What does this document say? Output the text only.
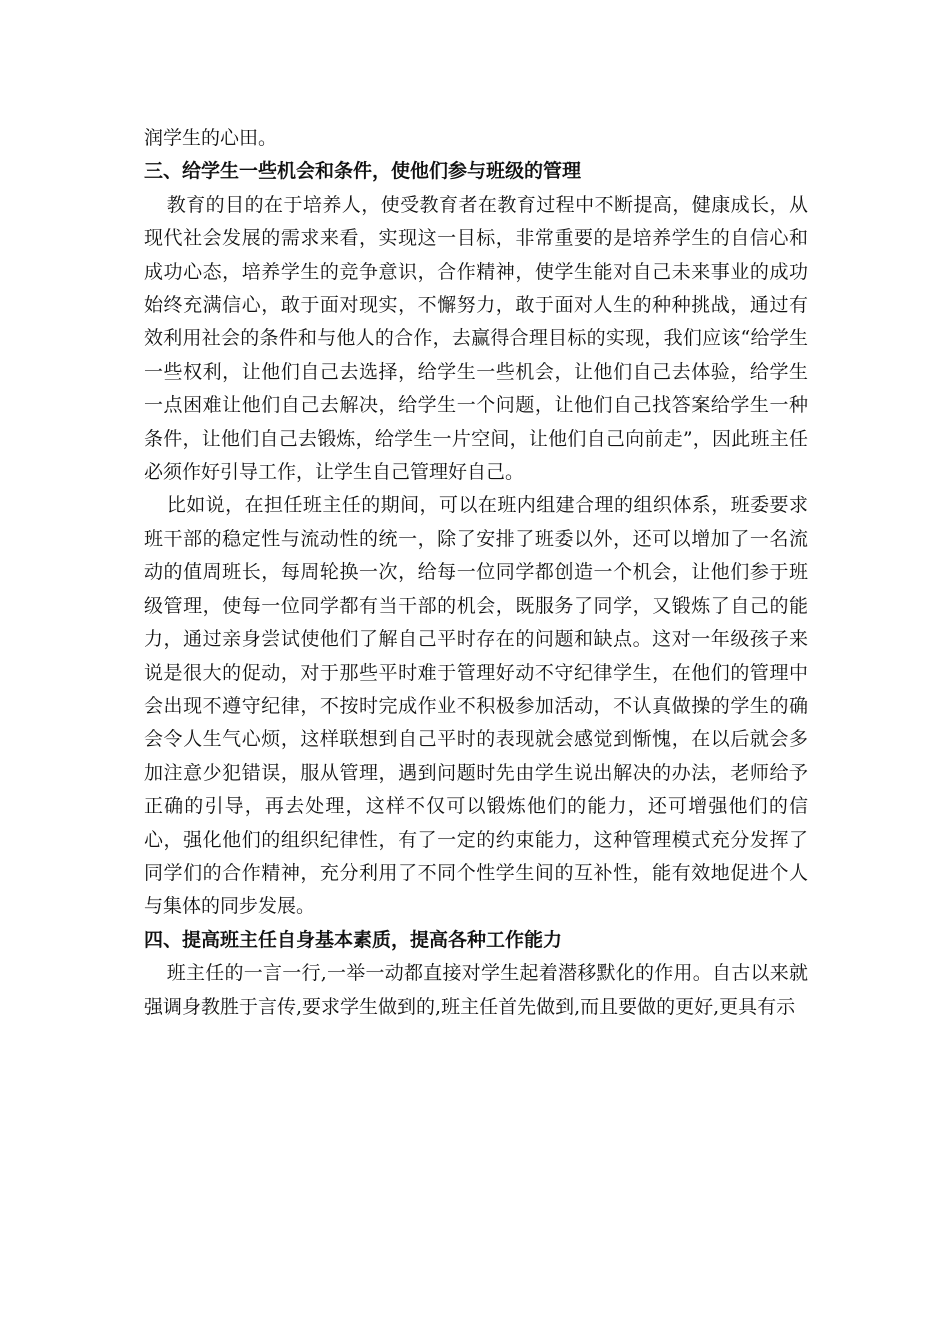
润学生的心田。

三、给学生一些机会和条件，使他们参与班级的管理

教育的目的在于培养人，使受教育者在教育过程中不断提高，健康成长，从现代社会发展的需求来看，实现这一目标，非常重要的是培养学生的自信心和成功心态，培养学生的竞争意识，合作精神，使学生能对自己未来事业的成功始终充满信心，敢于面对现实，不懈努力，敢于面对人生的种种挑战，通过有效利用社会的条件和与他人的合作，去赢得合理目标的实现，我们应该“给学生一些权利，让他们自己去选择，给学生一些机会，让他们自己去体验，给学生一点困难让他们自己去解决，给学生一个问题，让他们自己找答案给学生一种条件，让他们自己去锻炼，给学生一片空间，让他们自己向前走”，因此班主任必须作好引导工作，让学生自己管理好自己。

比如说，在担任班主任的期间，可以在班内组建合理的组织体系，班委要求班干部的稳定性与流动性的统一，除了安排了班委以外，还可以增加了一名流动的值周班长，每周轮换一次，给每一位同学都创造一个机会，让他们参于班级管理，使每一位同学都有当干部的机会，既服务了同学，又锻炼了自己的能力，通过亲身尝试使他们了解自己平时存在的问题和缺点。这对一年级孩子来说是很大的促动，对于那些平时难于管理好动不守纪律学生，在他们的管理中会出现不遵守纪律，不按时完成作业不积极参加活动，不认真做操的学生的确会令人生气心烦，这样联想到自己平时的表现就会感觉到惭愧，在以后就会多加注意少犯错误，服从管理，遇到问题时先由学生说出解决的办法，老师给予正确的引导，再去处理，这样不仅可以锻炼他们的能力，还可增强他们的信心，强化他们的组织纪律性，有了一定的约束能力，这种管理模式充分发挥了同学们的合作精神，充分利用了不同个性学生间的互补性，能有效地促进个人与集体的同步发展。

四、提高班主任自身基本素质，提高各种工作能力

班主任的一言一行,一举一动都直接对学生起着潜移默化的作用。自古以来就强调身教胜于言传,要求学生做到的,班主任首先做到,而且要做的更好,更具有示
